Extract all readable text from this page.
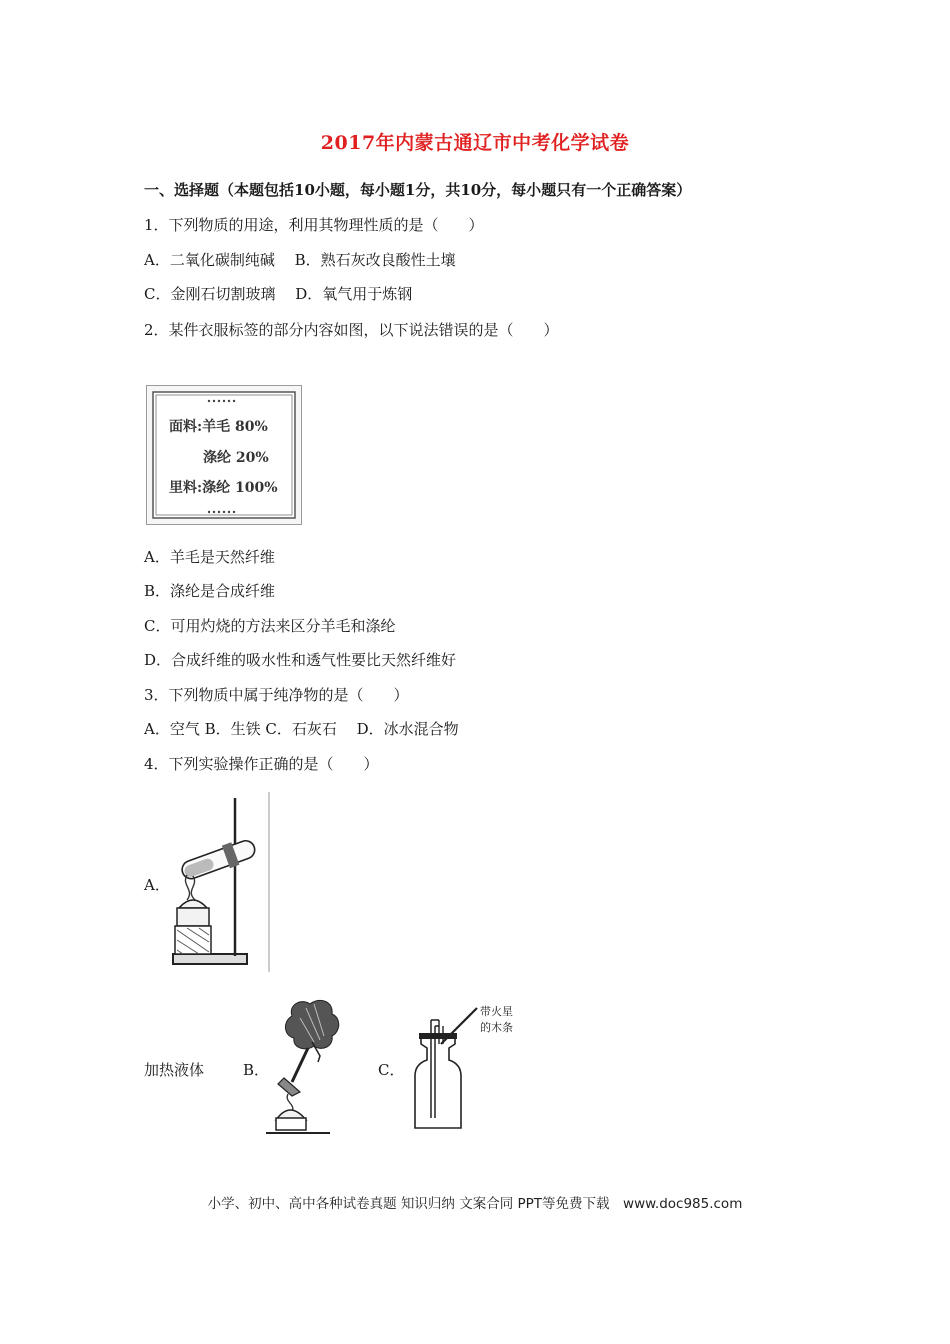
2017年内蒙古通辽市中考化学试卷
一、选择题（本题包括10小题，每小题1分，共10分，每小题只有一个正确答案）
1．下列物质的用途，利用其物理性质的是（　　）
A．二氧化碳制纯碱　 B．熟石灰改良酸性土壤
C．金刚石切割玻璃　 D．氧气用于炼钢
2．某件衣服标签的部分内容如图，以下说法错误的是（　　）
面料:羊毛 80%
涤纶 20%
里料:涤纶 100%
A．羊毛是天然纤维
B．涤纶是合成纤维
C．可用灼烧的方法来区分羊毛和涤纶
D．合成纤维的吸水性和透气性要比天然纤维好
3．下列物质中属于纯净物的是（　　）
A．空气 B．生铁 C．石灰石　 D．冰水混合物
4．下列实验操作正确的是（　　）
A．
加热液体	B．	C．
带火星
的木条
小学、初中、高中各种试卷真题 知识归纳 文案合同 PPT等免费下载　www.doc985.com
